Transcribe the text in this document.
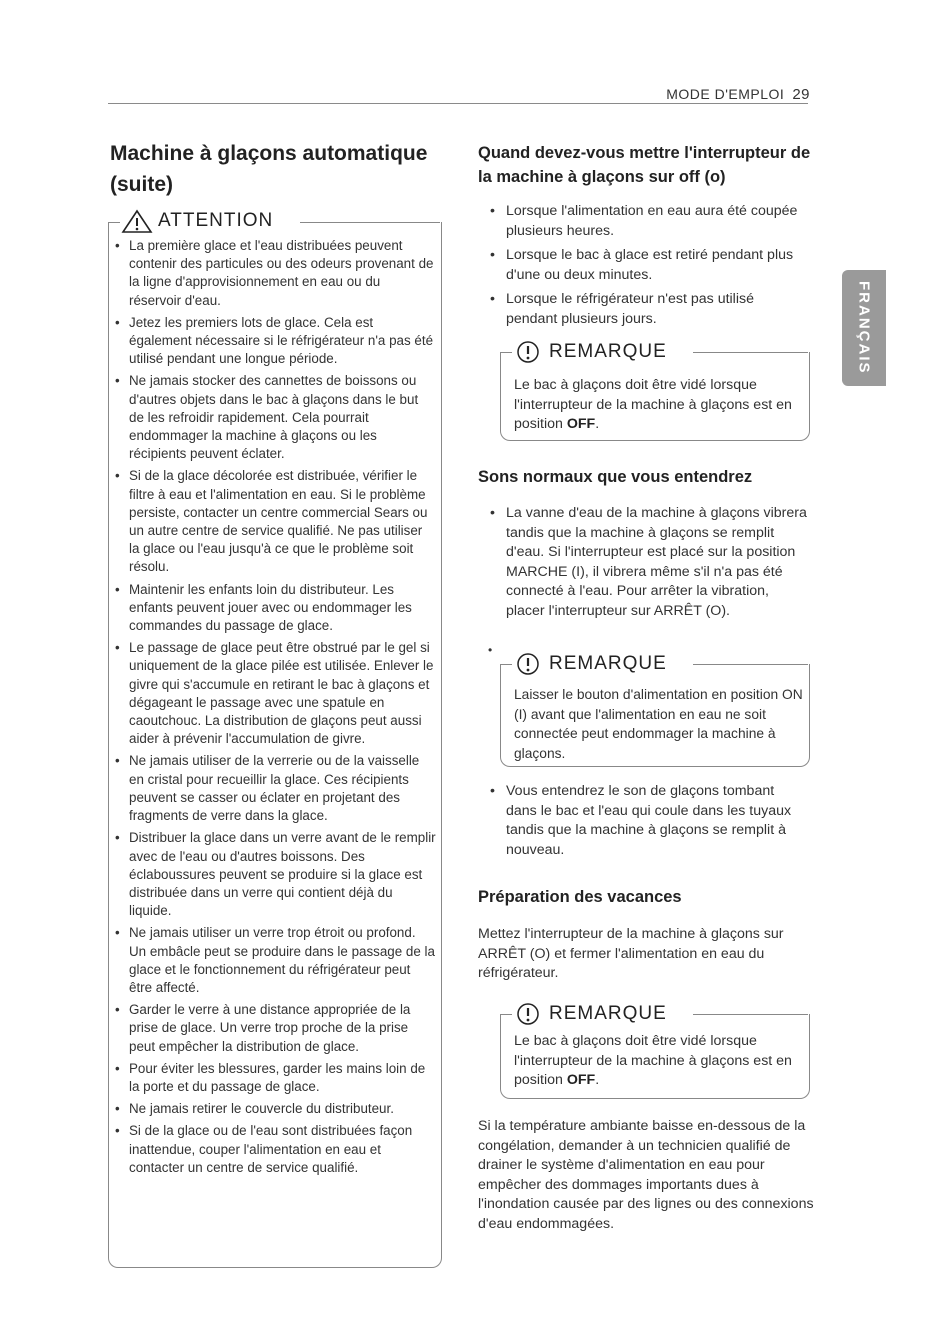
MODE D'EMPLOI 29
FRANÇAIS
Machine à glaçons automatique (suite)
ATTENTION
• La première glace et l'eau distribuées peuvent contenir des particules ou des odeurs provenant de la ligne d'approvisionnement en eau ou du réservoir d'eau.
• Jetez les premiers lots de glace. Cela est également nécessaire si le réfrigérateur n'a pas été utilisé pendant une longue période.
• Ne jamais stocker des cannettes de boissons ou d'autres objets dans le bac à glaçons dans le but de les refroidir rapidement. Cela pourrait endommager la machine à glaçons ou les récipients peuvent éclater.
• Si de la glace décolorée est distribuée, vérifier le filtre à eau et l'alimentation en eau. Si le problème persiste, contacter un centre commercial Sears ou un autre centre de service qualifié. Ne pas utiliser la glace ou l'eau jusqu'à ce que le problème soit résolu.
• Maintenir les enfants loin du distributeur. Les enfants peuvent jouer avec ou endommager les commandes du passage de glace.
• Le passage de glace peut être obstrué par le gel si uniquement de la glace pilée est utilisée. Enlever le givre qui s'accumule en retirant le bac à glaçons et dégageant le passage avec une spatule en caoutchouc. La distribution de glaçons peut aussi aider à prévenir l'accumulation de givre.
• Ne jamais utiliser de la verrerie ou de la vaisselle en cristal pour recueillir la glace. Ces récipients peuvent se casser ou éclater en projetant des fragments de verre dans la glace.
• Distribuer la glace dans un verre avant de le remplir avec de l'eau ou d'autres boissons. Des éclaboussures peuvent se produire si la glace est distribuée dans un verre qui contient déjà du liquide.
• Ne jamais utiliser un verre trop étroit ou profond. Un embâcle peut se produire dans le passage de la glace et le fonctionnement du réfrigérateur peut être affecté.
• Garder le verre à une distance appropriée de la prise de glace. Un verre trop proche de la prise peut empêcher la distribution de glace.
• Pour éviter les blessures, garder les mains loin de la porte et du passage de glace.
• Ne jamais retirer le couvercle du distributeur.
• Si de la glace ou de l'eau sont distribuées façon inattendue, couper l'alimentation en eau et contacter un centre de service qualifié.
Quand devez-vous mettre l'interrupteur de la machine à glaçons sur off (o)
• Lorsque l'alimentation en eau aura été coupée plusieurs heures.
• Lorsque le bac à glace est retiré pendant plus d'une ou deux minutes.
• Lorsque le réfrigérateur n'est pas utilisé pendant plusieurs jours.
REMARQUE
Le bac à glaçons doit être vidé lorsque l'interrupteur de la machine à glaçons est en position OFF.
Sons normaux que vous entendrez
• La vanne d'eau de la machine à glaçons vibrera tandis que la machine à glaçons se remplit d'eau. Si l'interrupteur est placé sur la position MARCHE (I), il vibrera même s'il n'a pas été connecté à l'eau. Pour arrêter la vibration, placer l'interrupteur sur ARRÊT (O).
•
REMARQUE
Laisser le bouton d'alimentation en position ON (I) avant que l'alimentation en eau ne soit connectée peut endommager la machine à glaçons.
• Vous entendrez le son de glaçons tombant dans le bac et l'eau qui coule dans les tuyaux tandis que la machine à glaçons se remplit à nouveau.
Préparation des vacances
Mettez l'interrupteur de la machine à glaçons sur ARRÊT (O) et fermer l'alimentation en eau du réfrigérateur.
REMARQUE
Le bac à glaçons doit être vidé lorsque l'interrupteur de la machine à glaçons est en position OFF.
Si la température ambiante baisse en-dessous de la congélation, demander à un technicien qualifié de drainer le système d'alimentation en eau pour empêcher des dommages importants dues à l'inondation causée par des lignes ou des connexions d'eau endommagées.
